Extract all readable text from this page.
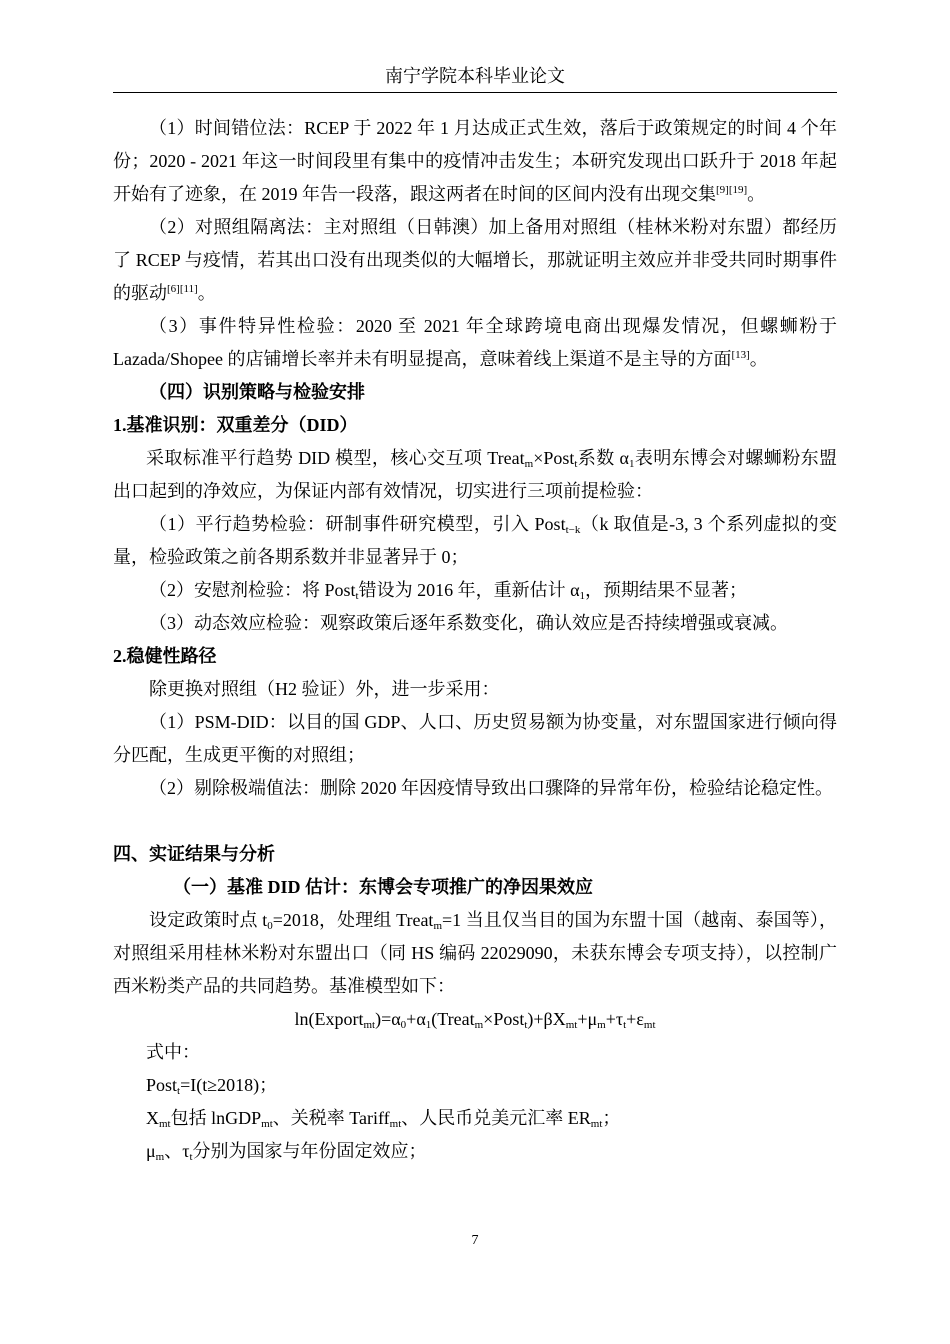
南宁学院本科毕业论文

（1）时间错位法：RCEP 于 2022 年 1 月达成正式生效，落后于政策规定的时间 4 个年份；2020 - 2021 年这一时间段里有集中的疫情冲击发生；本研究发现出口跃升于 2018 年起开始有了迹象，在 2019 年告一段落，跟这两者在时间的区间内没有出现交集[9][19]。

（2）对照组隔离法：主对照组（日韩澳）加上备用对照组（桂林米粉对东盟）都经历了 RCEP 与疫情，若其出口没有出现类似的大幅增长，那就证明主效应并非受共同时期事件的驱动[6][11]。

（3）事件特异性检验：2020 至 2021 年全球跨境电商出现爆发情况，但螺蛳粉于 Lazada/Shopee 的店铺增长率并未有明显提高，意味着线上渠道不是主导的方面[13]。

（四）识别策略与检验安排

1.基准识别：双重差分（DID）

采取标准平行趋势 DID 模型，核心交互项 Treat$_m$×Post$_t$系数 $\alpha_1$表明东博会对螺蛳粉东盟出口起到的净效应，为保证内部有效情况，切实进行三项前提检验：

（1）平行趋势检验：研制事件研究模型，引入 Post$_{t-k}$（k 取值是-3, 3 个系列虚拟的变量，检验政策之前各期系数并非显著异于 0；

（2）安慰剂检验：将 Post$_t$错设为 2016 年，重新估计 $\alpha_1$，预期结果不显著；

（3）动态效应检验：观察政策后逐年系数变化，确认效应是否持续增强或衰减。

2.稳健性路径

除更换对照组（H2 验证）外，进一步采用：

（1）PSM-DID：以目的国 GDP、人口、历史贸易额为协变量，对东盟国家进行倾向得分匹配，生成更平衡的对照组；

（2）剔除极端值法：删除 2020 年因疫情导致出口骤降的异常年份，检验结论稳定性。

四、实证结果与分析

（一）基准 DID 估计：东博会专项推广的净因果效应

设定政策时点 $t_0=2018$，处理组 Treat$_m$=1 当且仅当目的国为东盟十国（越南、泰国等），对照组采用桂林米粉对东盟出口（同 HS 编码 22029090，未获东博会专项支持），以控制广西米粉类产品的共同趋势。基准模型如下：

$\ln(Export_{mt})=\alpha_0+\alpha_1(Treat_m\times Post_t)+\beta X_{mt}+\mu_m+\tau_t+\varepsilon_{mt}$

式中：

Post$_t$=I(t≥2018)；

$X_{mt}$包括 lnGDP$_{mt}$、关税率 Tariff$_{mt}$、人民币兑美元汇率 $ER_{mt}$；

$\mu_m$、$\tau_t$分别为国家与年份固定效应；

7
